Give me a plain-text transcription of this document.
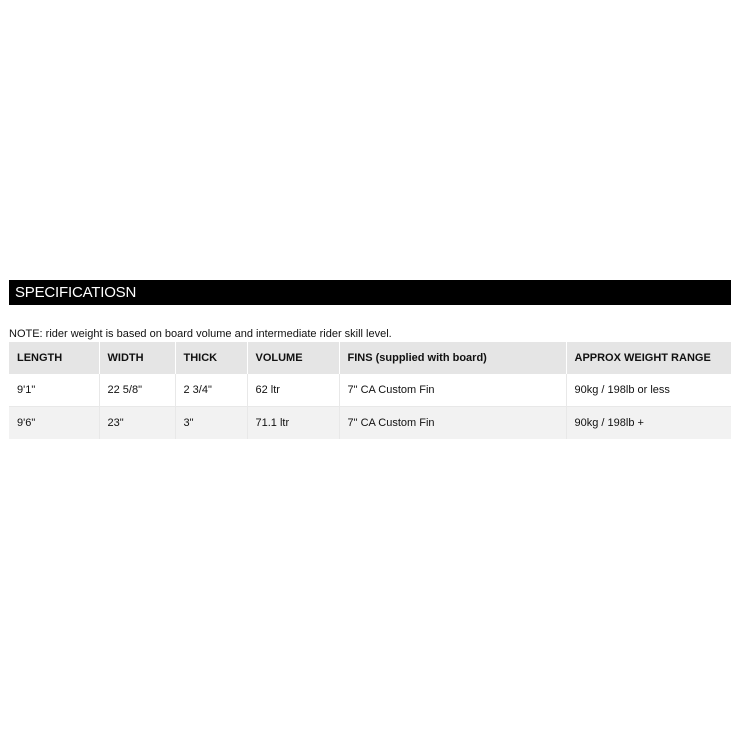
SPECIFICATIOSN
NOTE: rider weight is based on board volume and intermediate rider skill level.
LENGTH	WIDTH	THICK	VOLUME	FINS (supplied with board)	APPROX WEIGHT RANGE
9'1"	22 5/8"	2 3/4"	62 ltr	7" CA Custom Fin	90kg / 198lb or less
9'6"	23"	3"	71.1 ltr	7" CA Custom Fin	90kg / 198lb +
